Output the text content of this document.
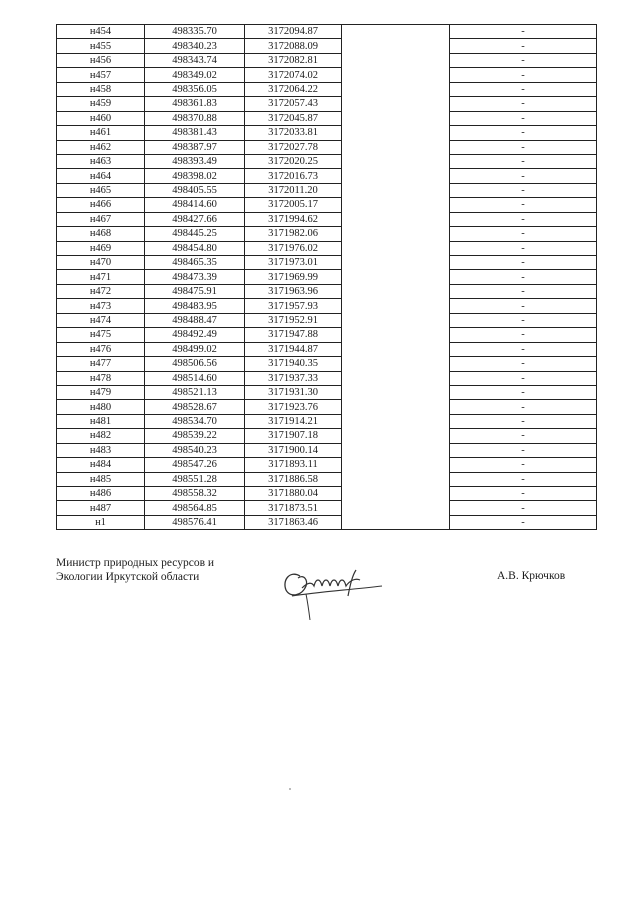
н454	498335.70	3172094.87		-
н455	498340.23	3172088.09		-
н456	498343.74	3172082.81		-
н457	498349.02	3172074.02		-
н458	498356.05	3172064.22		-
н459	498361.83	3172057.43		-
н460	498370.88	3172045.87		-
н461	498381.43	3172033.81		-
н462	498387.97	3172027.78		-
н463	498393.49	3172020.25		-
н464	498398.02	3172016.73		-
н465	498405.55	3172011.20		-
н466	498414.60	3172005.17		-
н467	498427.66	3171994.62		-
н468	498445.25	3171982.06		-
н469	498454.80	3171976.02		-
н470	498465.35	3171973.01		-
н471	498473.39	3171969.99		-
н472	498475.91	3171963.96		-
н473	498483.95	3171957.93		-
н474	498488.47	3171952.91		-
н475	498492.49	3171947.88		-
н476	498499.02	3171944.87		-
н477	498506.56	3171940.35		-
н478	498514.60	3171937.33		-
н479	498521.13	3171931.30		-
н480	498528.67	3171923.76		-
н481	498534.70	3171914.21		-
н482	498539.22	3171907.18		-
н483	498540.23	3171900.14		-
н484	498547.26	3171893.11		-
н485	498551.28	3171886.58		-
н486	498558.32	3171880.04		-
н487	498564.85	3171873.51		-
н1	498576.41	3171863.46		-
Министр природных ресурсов и
Экологии Иркутской области	А.В. Крючков
